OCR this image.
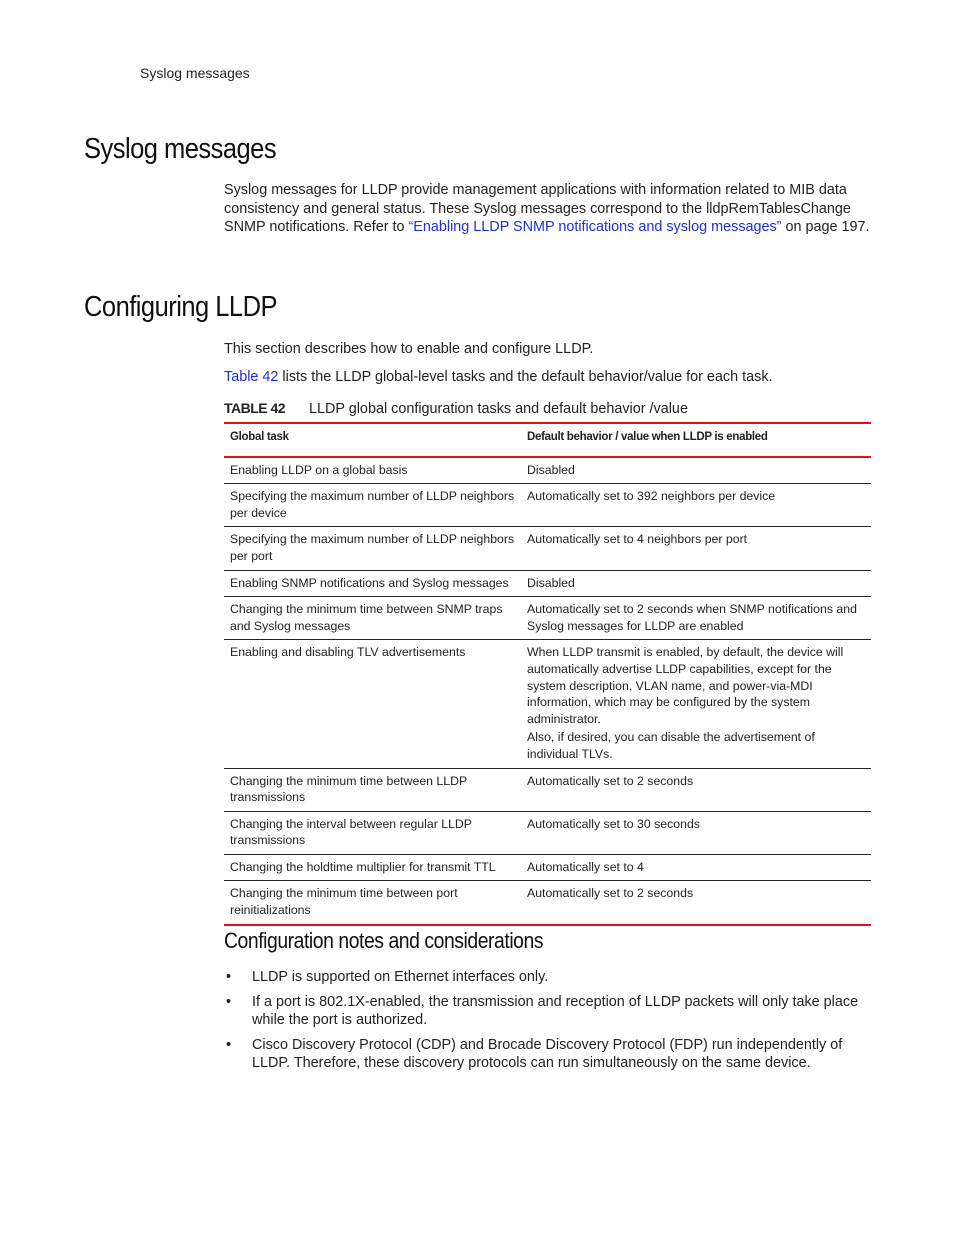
Syslog messages
Syslog messages
Syslog messages for LLDP provide management applications with information related to MIB data consistency and general status. These Syslog messages correspond to the lldpRemTablesChange SNMP notifications. Refer to “Enabling LLDP SNMP notifications and syslog messages” on page 197.
Configuring LLDP
This section describes how to enable and configure LLDP.
Table 42 lists the LLDP global-level tasks and the default behavior/value for each task.
TABLE 42 LLDP global configuration tasks and default behavior /value
Global task	Default behavior / value when LLDP is enabled
Enabling LLDP on a global basis	Disabled
Specifying the maximum number of LLDP neighbors per device	Automatically set to 392 neighbors per device
Specifying the maximum number of LLDP neighbors per port	Automatically set to 4 neighbors per port
Enabling SNMP notifications and Syslog messages	Disabled
Changing the minimum time between SNMP traps and Syslog messages	Automatically set to 2 seconds when SNMP notifications and Syslog messages for LLDP are enabled
Enabling and disabling TLV advertisements	When LLDP transmit is enabled, by default, the device will automatically advertise LLDP capabilities, except for the system description, VLAN name, and power-via-MDI information, which may be configured by the system administrator.

Also, if desired, you can disable the advertisement of individual TLVs.

Changing the minimum time between LLDP transmissions	Automatically set to 2 seconds
Changing the interval between regular LLDP transmissions	Automatically set to 30 seconds
Changing the holdtime multiplier for transmit TTL	Automatically set to 4
Changing the minimum time between port reinitializations	Automatically set to 2 seconds
Configuration notes and considerations
• LLDP is supported on Ethernet interfaces only.
• If a port is 802.1X-enabled, the transmission and reception of LLDP packets will only take place while the port is authorized.
• Cisco Discovery Protocol (CDP) and Brocade Discovery Protocol (FDP) run independently of LLDP. Therefore, these discovery protocols can run simultaneously on the same device.
